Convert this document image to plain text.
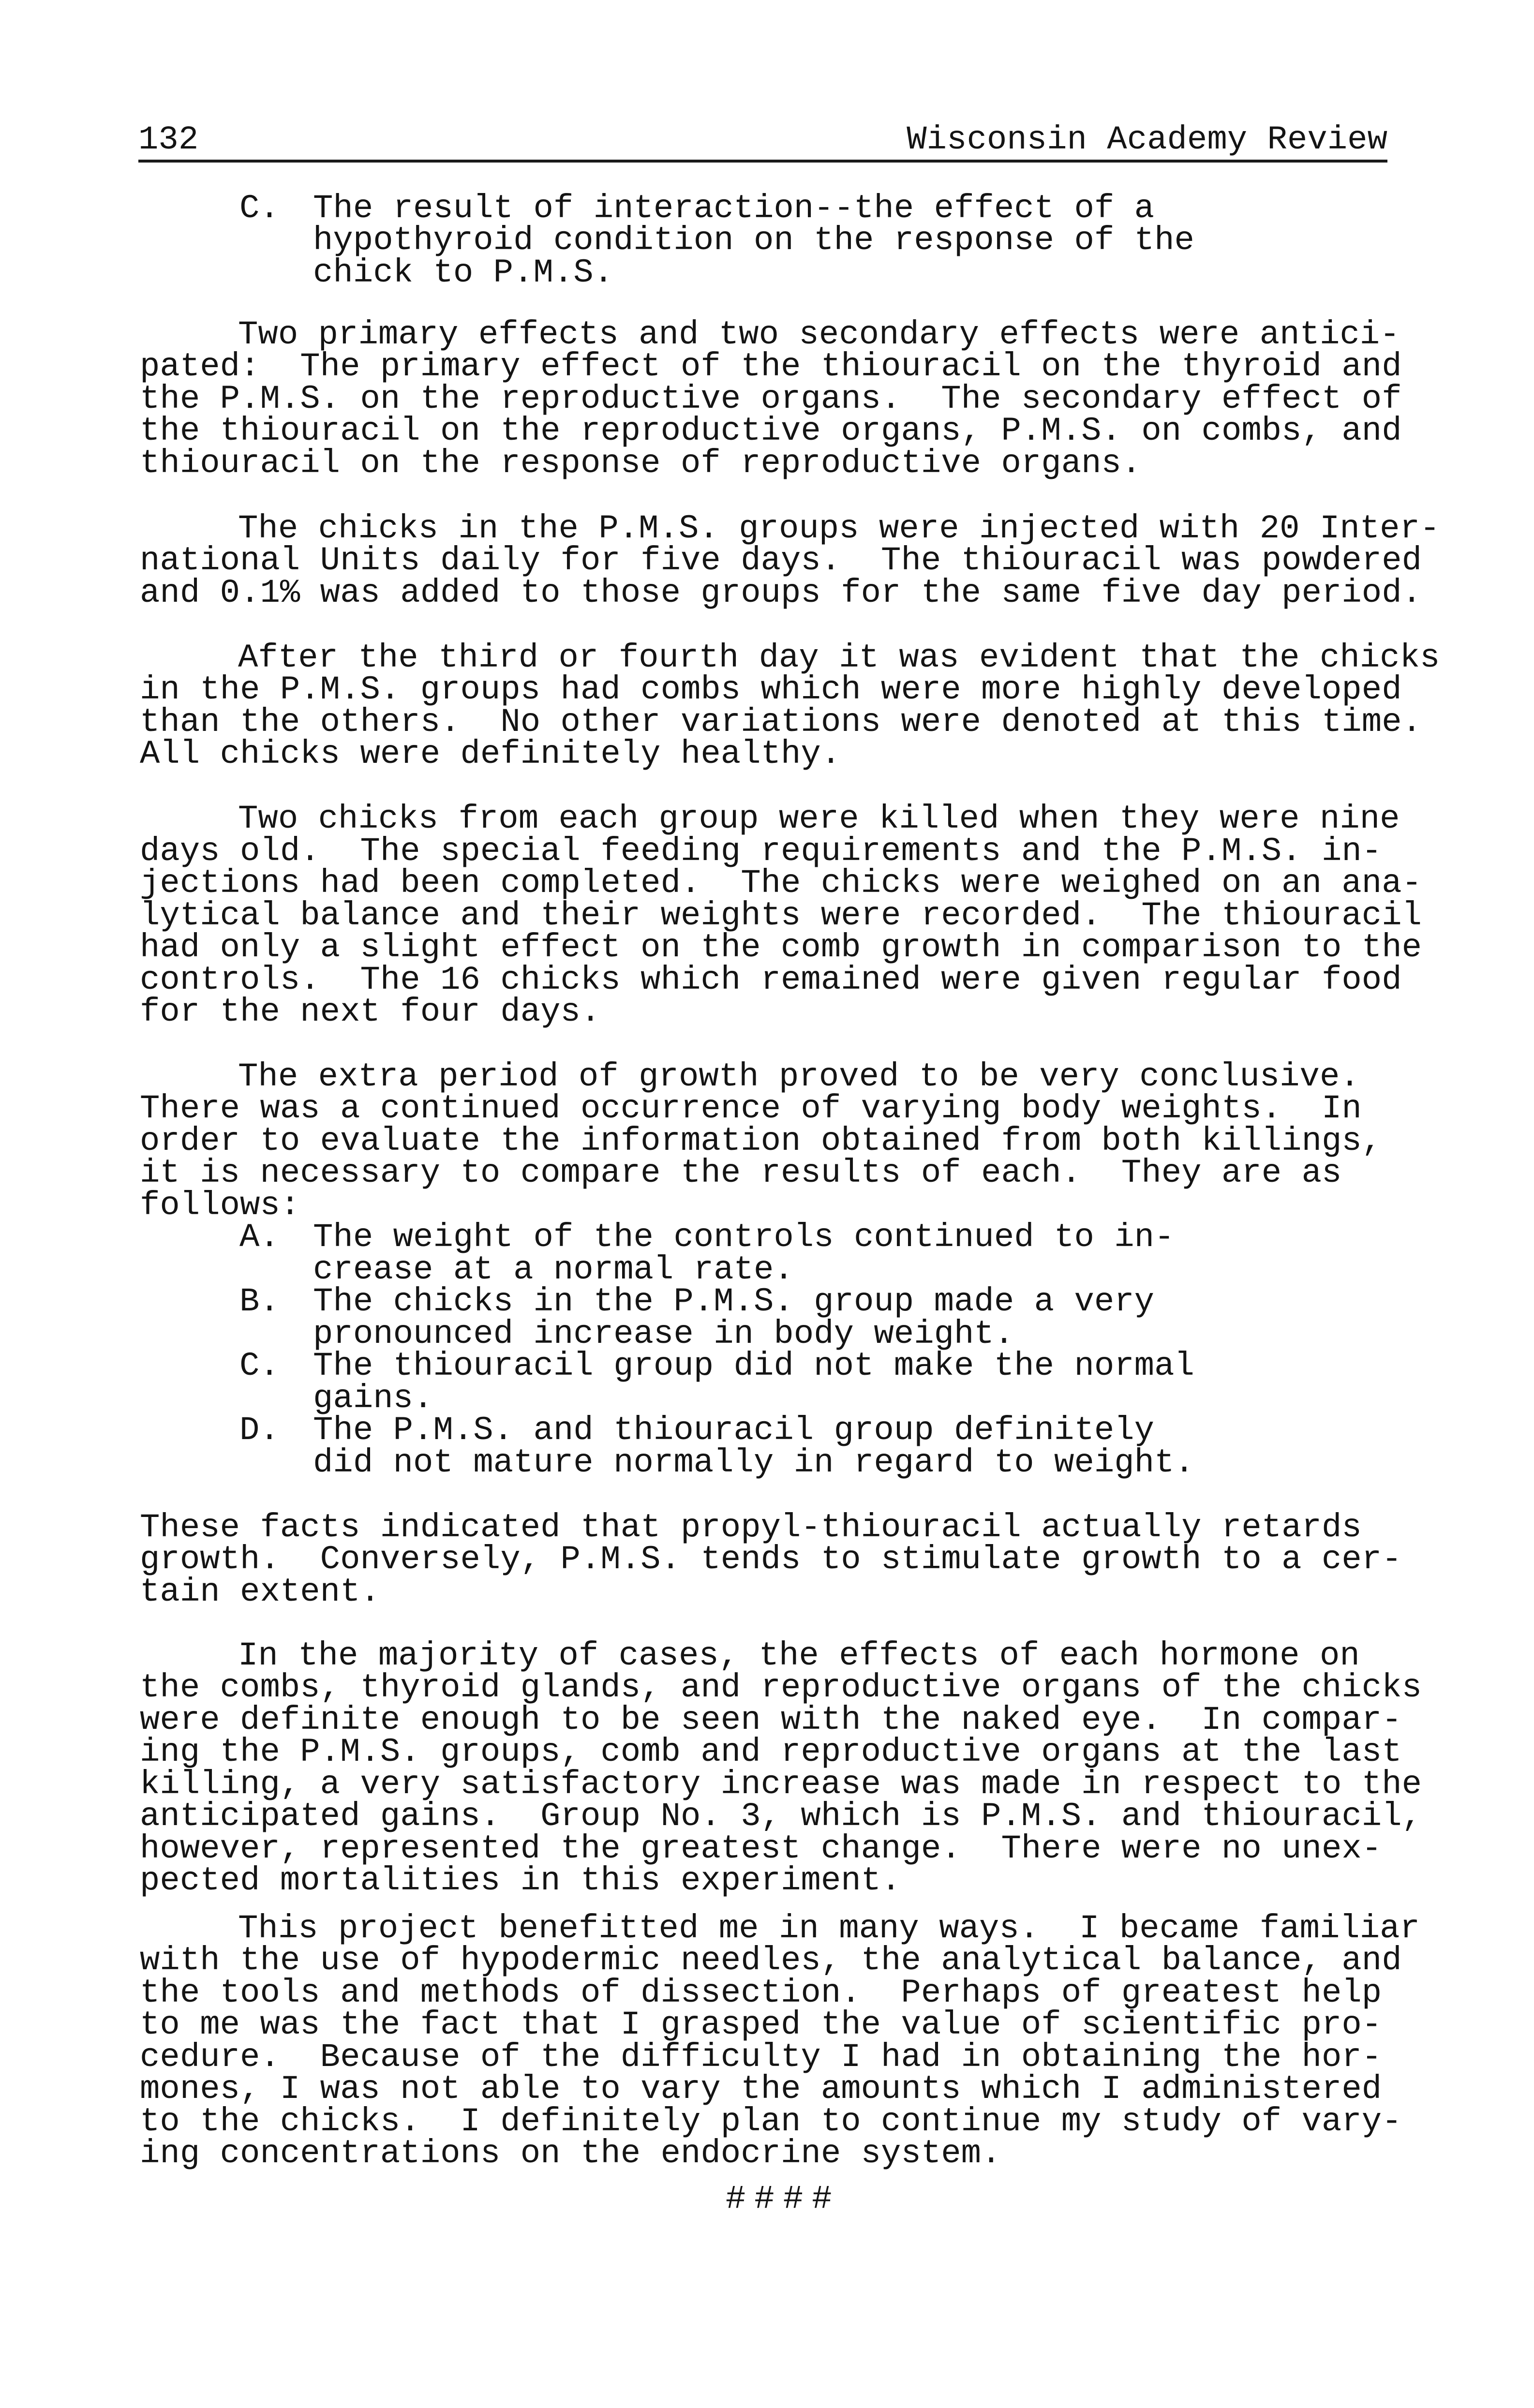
132	Wisconsin Academy Review
C. The result of interaction--the effect of a
hypothyroid condition on the response of the
chick to P.M.S.
Two primary effects and two secondary effects were antici-
pated:  The primary effect of the thiouracil on the thyroid and
the P.M.S. on the reproductive organs.  The secondary effect of
the thiouracil on the reproductive organs, P.M.S. on combs, and
thiouracil on the response of reproductive organs.
The chicks in the P.M.S. groups were injected with 20 Inter-
national Units daily for five days.  The thiouracil was powdered
and 0.1% was added to those groups for the same five day period.
After the third or fourth day it was evident that the chicks
in the P.M.S. groups had combs which were more highly developed
than the others.  No other variations were denoted at this time.
All chicks were definitely healthy.
Two chicks from each group were killed when they were nine
days old.  The special feeding requirements and the P.M.S. in-
jections had been completed.  The chicks were weighed on an ana-
lytical balance and their weights were recorded.  The thiouracil
had only a slight effect on the comb growth in comparison to the
controls.  The 16 chicks which remained were given regular food
for the next four days.
The extra period of growth proved to be very conclusive.
There was a continued occurrence of varying body weights.  In
order to evaluate the information obtained from both killings,
it is necessary to compare the results of each.  They are as
follows:
A. The weight of the controls continued to in-
crease at a normal rate.
B. The chicks in the P.M.S. group made a very
pronounced increase in body weight.
C. The thiouracil group did not make the normal
gains.
D. The P.M.S. and thiouracil group definitely
did not mature normally in regard to weight.
These facts indicated that propyl-thiouracil actually retards
growth.  Conversely, P.M.S. tends to stimulate growth to a cer-
tain extent.
In the majority of cases, the effects of each hormone on
the combs, thyroid glands, and reproductive organs of the chicks
were definite enough to be seen with the naked eye.  In compar-
ing the P.M.S. groups, comb and reproductive organs at the last
killing, a very satisfactory increase was made in respect to the
anticipated gains.  Group No. 3, which is P.M.S. and thiouracil,
however, represented the greatest change.  There were no unex-
pected mortalities in this experiment.
This project benefitted me in many ways.  I became familiar
with the use of hypodermic needles, the analytical balance, and
the tools and methods of dissection.  Perhaps of greatest help
to me was the fact that I grasped the value of scientific pro-
cedure.  Because of the difficulty I had in obtaining the hor-
mones, I was not able to vary the amounts which I administered
to the chicks.  I definitely plan to continue my study of vary-
ing concentrations on the endocrine system.
####
